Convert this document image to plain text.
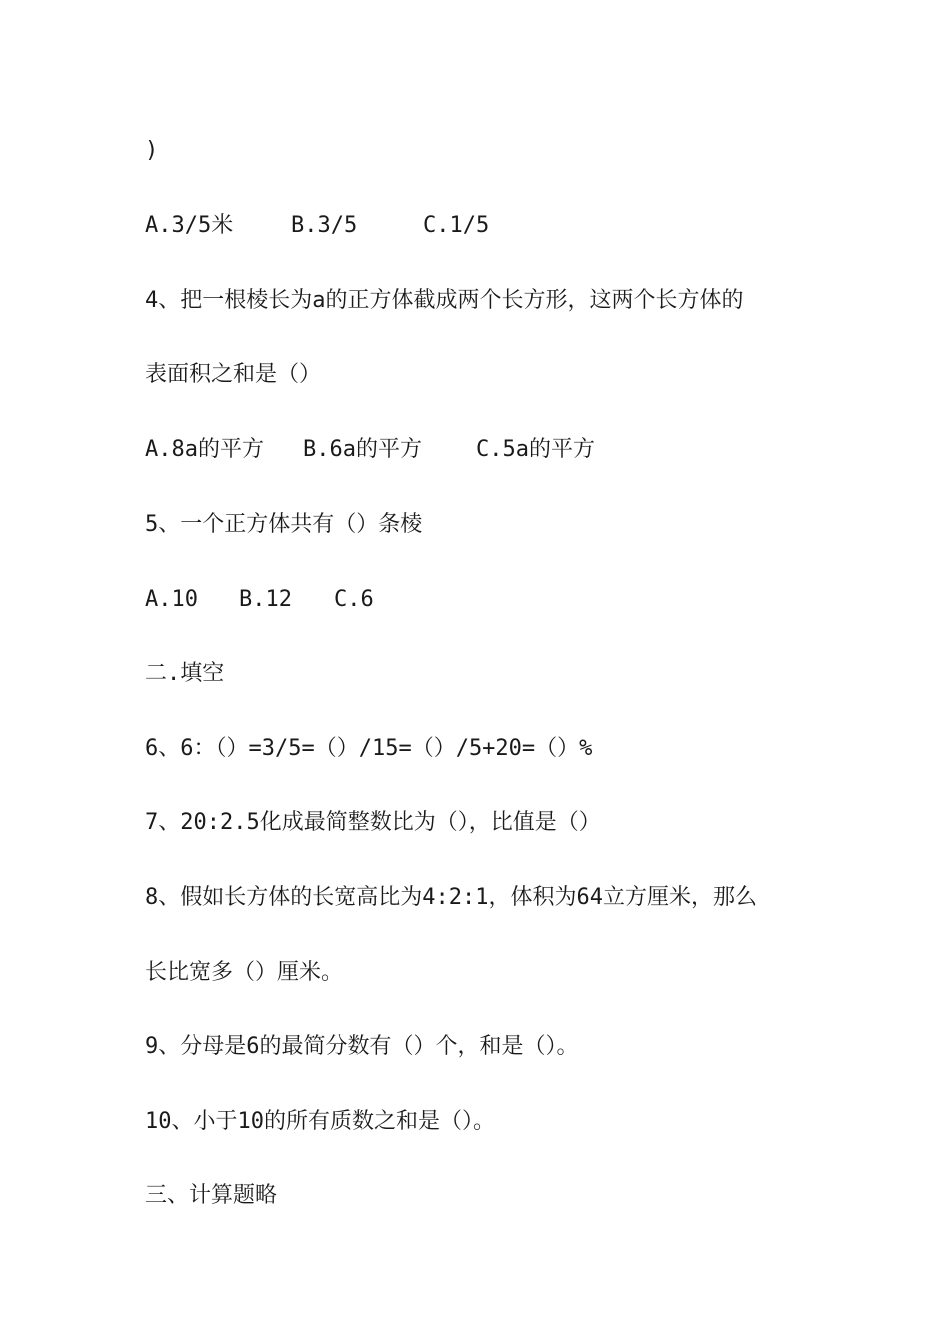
)
A.3/5米	B.3/5	C.1/5
4、把一根棱长为a的正方体截成两个长方形，这两个长方体的
表面积之和是（）
A.8a的平方 B.6a的平方 C.5a的平方
5、一个正方体共有（）条棱
A.10 B.12 C.6
二.填空
6、6：（）=3/5=（）/15=（）/5+20=（）%
7、20:2.5化成最简整数比为（），比值是（）
8、假如长方体的长宽高比为4:2:1，体积为64立方厘米，那么
长比宽多（）厘米。
9、分母是6的最简分数有（）个，和是（）。
10、小于10的所有质数之和是（）。
三、计算题略
